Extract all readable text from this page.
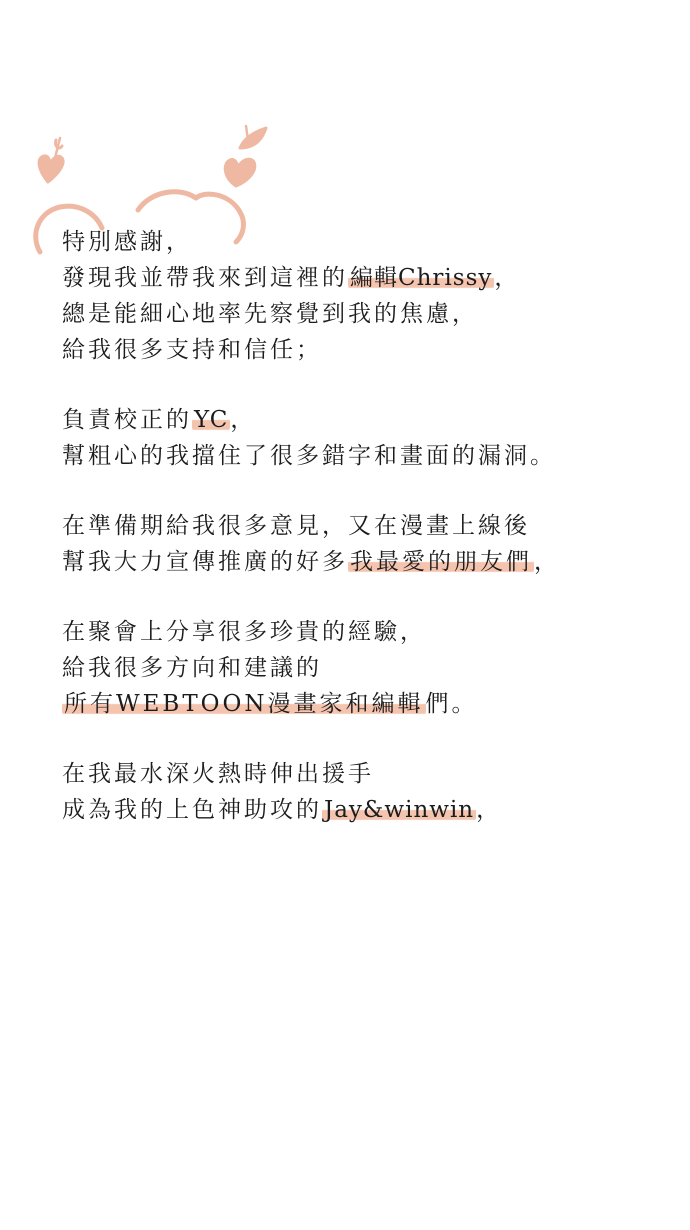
特別感謝，
發現我並帶我來到這裡的編輯Chrissy，
總是能細心地率先察覺到我的焦慮，
給我很多支持和信任；
負責校正的YC，
幫粗心的我擋住了很多錯字和畫面的漏洞。
在準備期給我很多意見，又在漫畫上線後
幫我大力宣傳推廣的好多我最愛的朋友們，
在聚會上分享很多珍貴的經驗，
給我很多方向和建議的
所有WEBTOON漫畫家和編輯們。
在我最水深火熱時伸出援手
成為我的上色神助攻的Jay&winwin，
